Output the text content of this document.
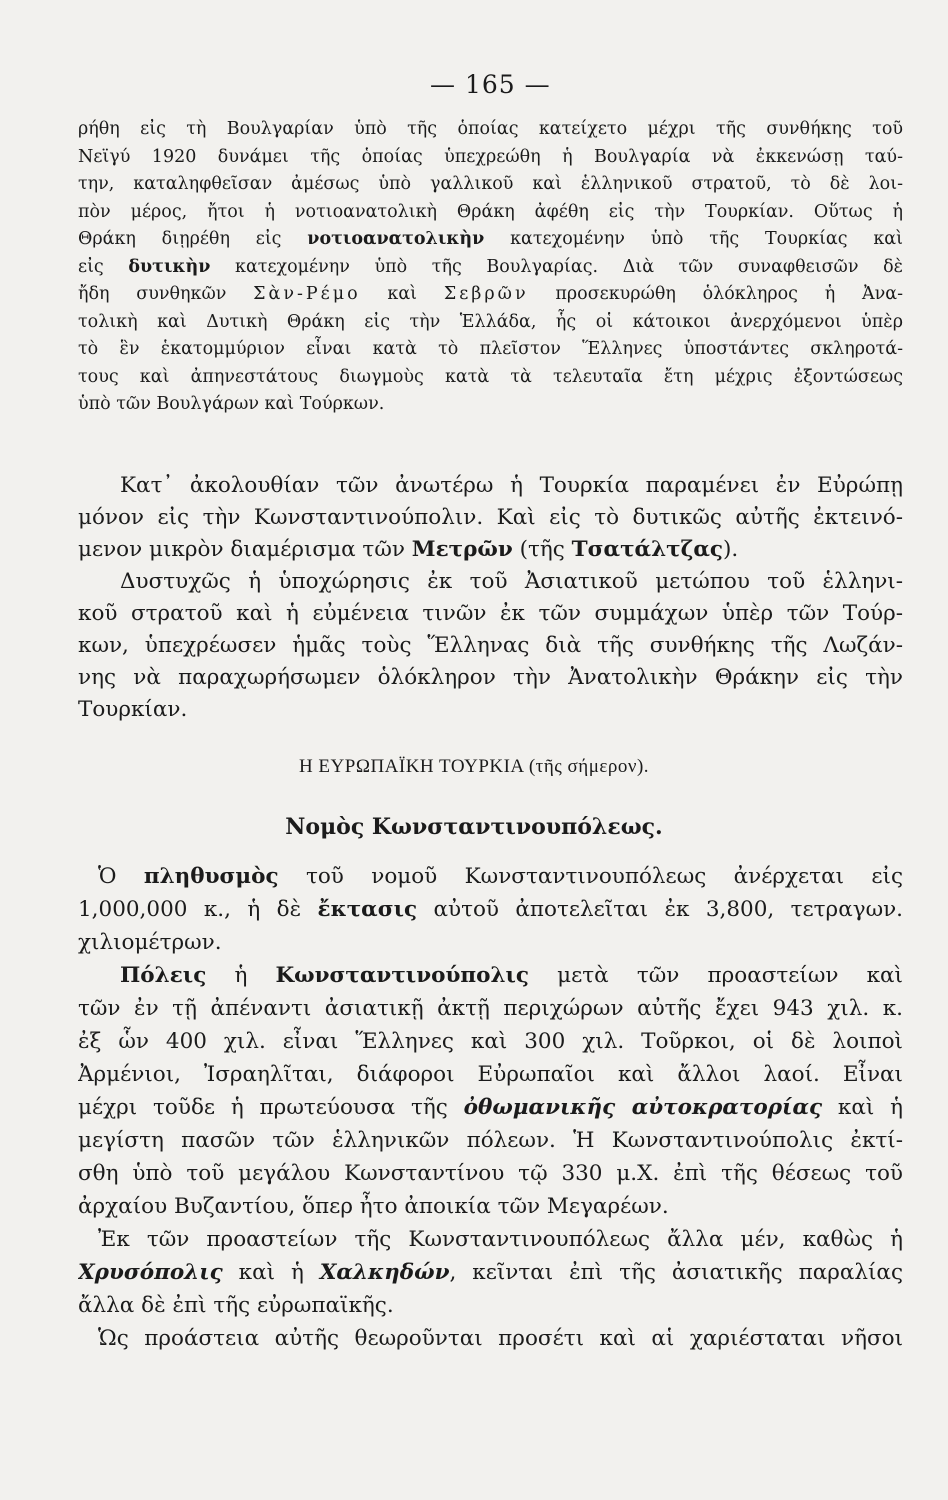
— 165 —
ρήθη εἰς τὴ Βουλγαρίαν ὑπὸ τῆς ὁποίας κατείχετο μέχρι τῆς συνθήκης τοῦ
Νεϊγύ 1920 δυνάμει τῆς ὁποίας ὑπεχρεώθη ἡ Βουλγαρία νὰ ἐκκενώσῃ ταύ-
την, καταληφθεῖσαν ἀμέσως ὑπὸ γαλλικοῦ καὶ ἑλληνικοῦ στρατοῦ, τὸ δὲ λοι-
πὸν μέρος, ἤτοι ἡ νοτιοανατολικὴ Θράκη ἀφέθη εἰς τὴν Τουρκίαν. Οὕτως ἡ
Θράκη διῃρέθη εἰς νοτιοανατολικὴν κατεχομένην ὑπὸ τῆς Τουρκίας καὶ
εἰς δυτικὴν κατεχομένην ὑπὸ τῆς Βουλγαρίας. Διὰ τῶν συναφθεισῶν δὲ
ἤδη συνθηκῶν Σὰν-Ρέμο καὶ Σεβρῶν προσεκυρώθη ὁλόκληρος ἡ Ἀνα-
τολικὴ καὶ Δυτικὴ Θράκη εἰς τὴν Ἑλλάδα, ἧς οἱ κάτοικοι ἀνερχόμενοι ὑπὲρ
τὸ ἓν ἑκατομμύριον εἶναι κατὰ τὸ πλεῖστον Ἕλληνες ὑποστάντες σκληροτά-
τους καὶ ἀπηνεστάτους διωγμοὺς κατὰ τὰ τελευταῖα ἔτη μέχρις ἐξοντώσεως
ὑπὸ τῶν Βουλγάρων καὶ Τούρκων.
Κατ᾽ ἀκολουθίαν τῶν ἀνωτέρω ἡ Τουρκία παραμένει ἐν Εὐρώπῃ
μόνον εἰς τὴν Κωνσταντινούπολιν. Καὶ εἰς τὸ δυτικῶς αὐτῆς ἐκτεινό-
μενον μικρὸν διαμέρισμα τῶν Μετρῶν (τῆς Τσατάλτζας).
Δυστυχῶς ἡ ὑποχώρησις ἐκ τοῦ Ἀσιατικοῦ μετώπου τοῦ ἑλληνι-
κοῦ στρατοῦ καὶ ἡ εὐμένεια τινῶν ἐκ τῶν συμμάχων ὑπὲρ τῶν Τούρ-
κων, ὑπεχρέωσεν ἡμᾶς τοὺς Ἕλληνας διὰ τῆς συνθήκης τῆς Λωζάν-
νης νὰ παραχωρήσωμεν ὁλόκληρον τὴν Ἀνατολικὴν Θράκην εἰς τὴν
Τουρκίαν.
Η ΕΥΡΩΠΑΪΚΗ ΤΟΥΡΚΙΑ (τῆς σήμερον).
Νομὸς Κωνσταντινουπόλεως.
Ὁ πληθυσμὸς τοῦ νομοῦ Κωνσταντινουπόλεως ἀνέρχεται εἰς
1,000,000 κ., ἡ δὲ ἔκτασις αὐτοῦ ἀποτελεῖται ἐκ 3,800, τετραγων.
χιλιομέτρων.
Πόλεις ἡ Κωνσταντινούπολις μετὰ τῶν προαστείων καὶ
τῶν ἐν τῇ ἀπέναντι ἀσιατικῇ ἀκτῇ περιχώρων αὐτῆς ἔχει 943 χιλ. κ.
ἐξ ὧν 400 χιλ. εἶναι Ἕλληνες καὶ 300 χιλ. Τοῦρκοι, οἱ δὲ λοιποὶ
Ἀρμένιοι, Ἰσραηλῖται, διάφοροι Εὐρωπαῖοι καὶ ἄλλοι λαοί. Εἶναι
μέχρι τοῦδε ἡ πρωτεύουσα τῆς ὀθωμανικῆς αὐτοκρατορίας καὶ ἡ
μεγίστη πασῶν τῶν ἑλληνικῶν πόλεων. Ἡ Κωνσταντινούπολις ἐκτί-
σθη ὑπὸ τοῦ μεγάλου Κωνσταντίνου τῷ 330 μ.Χ. ἐπὶ τῆς θέσεως τοῦ
ἀρχαίου Βυζαντίου, ὅπερ ἦτο ἀποικία τῶν Μεγαρέων.
Ἐκ τῶν προαστείων τῆς Κωνσταντινουπόλεως ἄλλα μέν, καθὼς ἡ
Χρυσόπολις καὶ ἡ Χαλκηδών, κεῖνται ἐπὶ τῆς ἀσιατικῆς παραλίας
ἄλλα δὲ ἐπὶ τῆς εὐρωπαϊκῆς.
Ὡς προάστεια αὐτῆς θεωροῦνται προσέτι καὶ αἱ χαριέσταται νῆσοι
